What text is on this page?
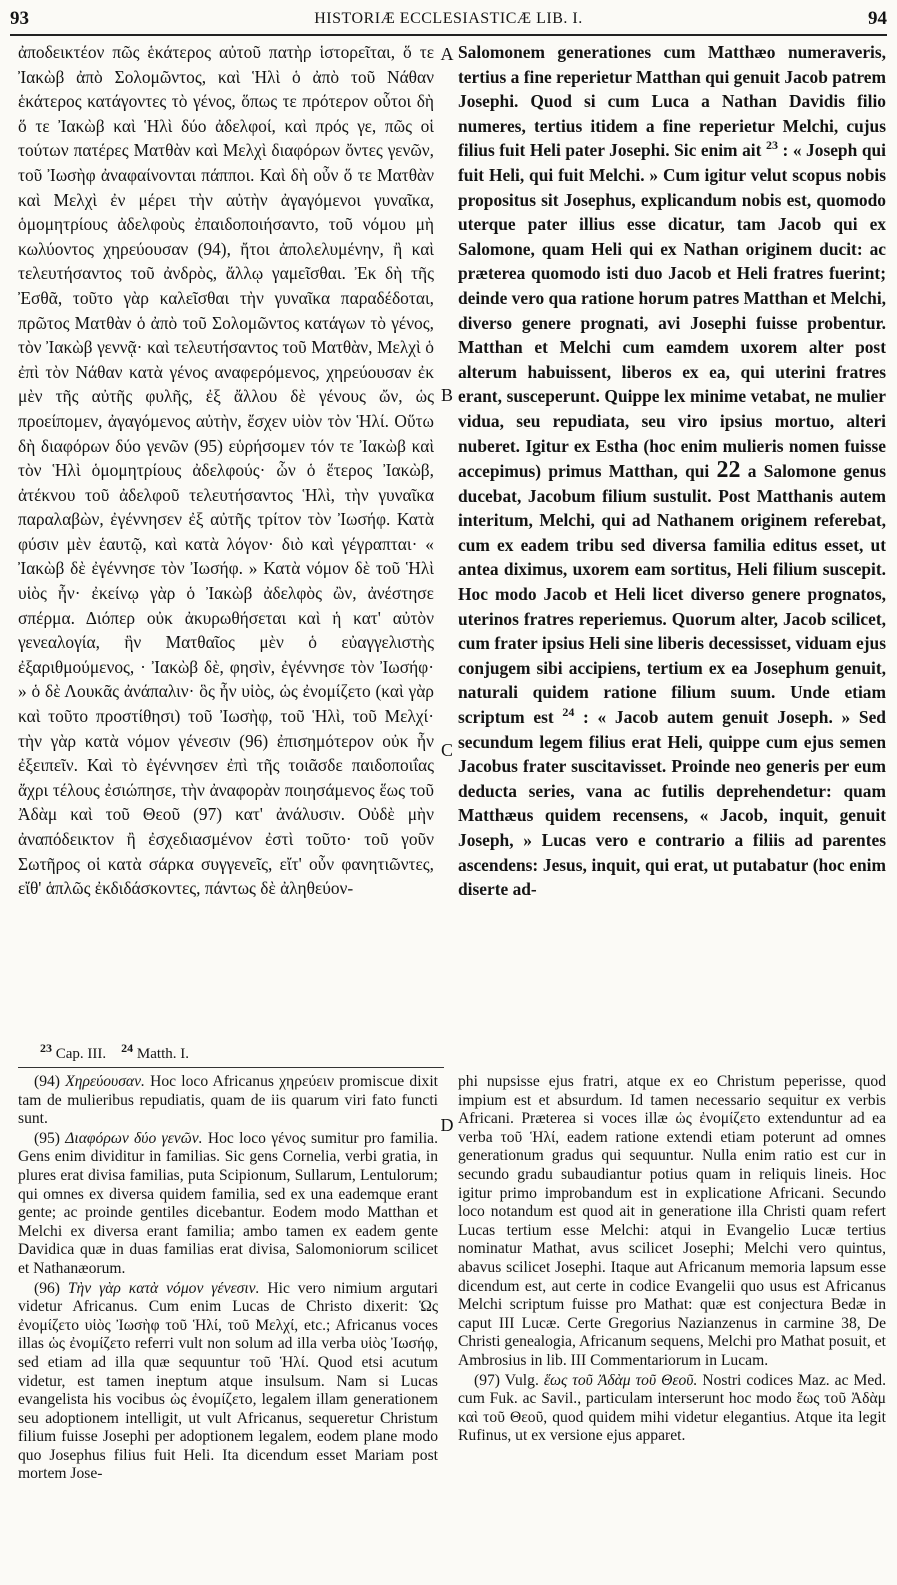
93	HISTORIÆ ECCLESIASTICÆ LIB. I.	94

ἀποδεικτέον πῶς ἑκάτερος αὐτοῦ πατὴρ ἱστορεῖται, ὅ τε Ἰακὼβ ἀπὸ Σολομῶντος, καὶ Ἡλὶ ὁ ἀπὸ τοῦ Νάθαν ἑκάτερος κατάγοντες τὸ γένος, ὅπως τε πρότερον οὗτοι δὴ ὅ τε Ἰακὼβ καὶ Ἡλὶ δύο ἀδελφοί, καὶ πρός γε, πῶς οἱ τούτων πατέρες Ματθὰν καὶ Μελχὶ διαφόρων ὄντες γενῶν, τοῦ Ἰωσὴφ ἀναφαίνονται πάπποι. Καὶ δὴ οὖν ὅ τε Ματθὰν καὶ Μελχὶ ἐν μέρει τὴν αὐτὴν ἀγαγόμενοι γυναῖκα, ὁμομητρίους ἀδελφοὺς ἐπαιδοποιήσαντο, τοῦ νόμου μὴ κωλύοντος χηρεύουσαν (94), ἤτοι ἀπολελυμένην, ἢ καὶ τελευτήσαντος τοῦ ἀνδρὸς, ἄλλῳ γαμεῖσθαι. Ἐκ δὴ τῆς Ἐσθᾶ, τοῦτο γὰρ καλεῖσθαι τὴν γυναῖκα παραδέδοται, πρῶτος Ματθὰν ὁ ἀπὸ τοῦ Σολομῶντος κατάγων τὸ γένος, τὸν Ἰακὼβ γεννᾷ· καὶ τελευτήσαντος τοῦ Ματθὰν, Μελχὶ ὁ ἐπὶ τὸν Νάθαν κατὰ γένος αναφερόμενος, χηρεύουσαν ἐκ μὲν τῆς αὐτῆς φυλῆς, ἐξ ἄλλου δὲ γένους ὤν, ὡς προείπομεν, ἀγαγόμενος αὐτὴν, ἔσχεν υἱὸν τὸν Ἡλί. Οὕτω δὴ διαφόρων δύο γενῶν (95) εὑρήσομεν τόν τε Ἰακὼβ καὶ τὸν Ἡλὶ ὁμομητρίους ἀδελφούς· ὧν ὁ ἕτερος Ἰακὼβ, ἀτέκνου τοῦ ἀδελφοῦ τελευτήσαντος Ἡλὶ, τὴν γυναῖκα παραλαβὼν, ἐγέννησεν ἐξ αὐτῆς τρίτον τὸν Ἰωσήφ. Κατὰ φύσιν μὲν ἑαυτῷ, καὶ κατὰ λόγον· διὸ καὶ γέγραπται· « Ἰακὼβ δὲ ἐγέννησε τὸν Ἰωσήφ. » Κατὰ νόμον δὲ τοῦ Ἡλὶ υἱὸς ἦν· ἐκείνῳ γὰρ ὁ Ἰακὼβ ἀδελφὸς ὢν, ἀνέστησε σπέρμα. Διόπερ οὐκ ἀκυρωθήσεται καὶ ἡ κατ' αὐτὸν γενεαλογία, ἣν Ματθαῖος μὲν ὁ εὐαγγελιστὴς ἐξαριθμούμενος, · Ἰακὼβ δὲ, φησὶν, ἐγέννησε τὸν Ἰωσήφ· » ὁ δὲ Λουκᾶς ἀνάπαλιν· ὃς ἦν υἱὸς, ὡς ἐνομίζετο (καὶ γὰρ καὶ τοῦτο προστίθησι) τοῦ Ἰωσὴφ, τοῦ Ἡλὶ, τοῦ Μελχί· τὴν γὰρ κατὰ νόμον γένεσιν (96) ἐπισημότερον οὐκ ἦν ἐξειπεῖν. Καὶ τὸ ἐγέννησεν ἐπὶ τῆς τοιᾶσδε παιδοποιΐας ἄχρι τέλους ἐσιώπησε, τὴν ἀναφορὰν ποιησάμενος ἕως τοῦ Ἀδὰμ καὶ τοῦ Θεοῦ (97) κατ' ἀνάλυσιν. Οὐδὲ μὴν ἀναπόδεικτον ἢ ἐσχεδιασμένον ἐστὶ τοῦτο· τοῦ γοῦν Σωτῆρος οἱ κατὰ σάρκα συγγενεῖς, εἴτ' οὖν φανητιῶντες, εἴθ' ἁπλῶς ἐκδιδάσκοντες, πάντως δὲ ἀληθεύον-

A
B
C
D

Salomonem generationes cum Matthæo numeraveris, tertius a fine reperietur Matthan qui genuit Jacob patrem Josephi. Quod si cum Luca a Nathan Davidis filio numeres, tertius itidem a fine reperietur Melchi, cujus filius fuit Heli pater Josephi. Sic enim ait $^{23}$ : « Joseph qui fuit Heli, qui fuit Melchi. » Cum igitur velut scopus nobis propositus sit Josephus, explicandum nobis est, quomodo uterque pater illius esse dicatur, tam Jacob qui ex Salomone, quam Heli qui ex Nathan originem ducit: ac præterea quomodo isti duo Jacob et Heli fratres fuerint; deinde vero qua ratione horum patres Matthan et Melchi, diverso genere prognati, avi Josephi fuisse probentur. Matthan et Melchi cum eamdem uxorem alter post alterum habuissent, liberos ex ea, qui uterini fratres erant, susceperunt. Quippe lex minime vetabat, ne mulier vidua, seu repudiata, seu viro ipsius mortuo, alteri nuberet. Igitur ex Estha (hoc enim mulieris nomen fuisse accepimus) primus Matthan, qui 22 a Salomone genus ducebat, Jacobum filium sustulit. Post Matthanis autem interitum, Melchi, qui ad Nathanem originem referebat, cum ex eadem tribu sed diversa familia editus esset, ut antea diximus, uxorem eam sortitus, Heli filium suscepit. Hoc modo Jacob et Heli licet diverso genere prognatos, uterinos fratres reperiemus. Quorum alter, Jacob scilicet, cum frater ipsius Heli sine liberis decessisset, viduam ejus conjugem sibi accipiens, tertium ex ea Josephum genuit, naturali quidem ratione filium suum. Unde etiam scriptum est $^{24}$ : « Jacob autem genuit Joseph. » Sed secundum legem filius erat Heli, quippe cum ejus semen Jacobus frater suscitavisset. Proinde neo generis per eum deducta series, vana ac futilis deprehendetur: quam Matthæus quidem recensens, « Jacob, inquit, genuit Joseph, » Lucas vero e contrario a filiis ad parentes ascendens: Jesus, inquit, qui erat, ut putabatur (hoc enim diserte ad-

$^{23}$ Cap. III. $^{24}$ Matth. I.

(94) Χηρεύουσαν. Hoc loco Africanus χηρεύειν promiscue dixit tam de mulieribus repudiatis, quam de iis quarum viri fato functi sunt.

(95) Διαφόρων δύο γενῶν. Hoc loco γένος sumitur pro familia. Gens enim dividitur in familias. Sic gens Cornelia, verbi gratia, in plures erat divisa familias, puta Scipionum, Sullarum, Lentulorum; qui omnes ex diversa quidem familia, sed ex una eademque erant gente; ac proinde gentiles dicebantur. Eodem modo Matthan et Melchi ex diversa erant familia; ambo tamen ex eadem gente Davidica quæ in duas familias erat divisa, Salomoniorum scilicet et Nathanæorum.

(96) Τὴν γὰρ κατὰ νόμον γένεσιν. Hic vero nimium argutari videtur Africanus. Cum enim Lucas de Christo dixerit: Ὡς ἐνομίζετο υἱὸς Ἰωσὴφ τοῦ Ἡλί, τοῦ Μελχί, etc.; Africanus voces illas ὡς ἐνομίζετο referri vult non solum ad illa verba υἱὸς Ἰωσήφ, sed etiam ad illa quæ sequuntur τοῦ Ἡλί. Quod etsi acutum videtur, est tamen ineptum atque insulsum. Nam si Lucas evangelista his vocibus ὡς ἐνομίζετο, legalem illam generationem seu adoptionem intelligit, ut vult Africanus, sequeretur Christum filium fuisse Josephi per adoptionem legalem, eodem plane modo quo Josephus filius fuit Heli. Ita dicendum esset Mariam post mortem Jose-

phi nupsisse ejus fratri, atque ex eo Christum peperisse, quod impium est et absurdum. Id tamen necessario sequitur ex verbis Africani. Præterea si voces illæ ὡς ἐνομίζετο extenduntur ad ea verba τοῦ Ἡλί, eadem ratione extendi etiam poterunt ad omnes generationum gradus qui sequuntur. Nulla enim ratio est cur in secundo gradu subaudiantur potius quam in reliquis lineis. Hoc igitur primo improbandum est in explicatione Africani. Secundo loco notandum est quod ait in generatione illa Christi quam refert Lucas tertium esse Melchi: atqui in Evangelio Lucæ tertius nominatur Mathat, avus scilicet Josephi; Melchi vero quintus, abavus scilicet Josephi. Itaque aut Africanum memoria lapsum esse dicendum est, aut certe in codice Evangelii quo usus est Africanus Melchi scriptum fuisse pro Mathat: quæ est conjectura Bedæ in caput III Lucæ. Certe Gregorius Nazianzenus in carmine 38, De Christi genealogia, Africanum sequens, Melchi pro Mathat posuit, et Ambrosius in lib. III Commentariorum in Lucam.

(97) Vulg. ἕως τοῦ Ἀδὰμ τοῦ Θεοῦ. Nostri codices Maz. ac Med. cum Fuk. ac Savil., particulam interserunt hoc modo ἕως τοῦ Ἀδὰμ καὶ τοῦ Θεοῦ, quod quidem mihi videtur elegantius. Atque ita legit Rufinus, ut ex versione ejus apparet.
